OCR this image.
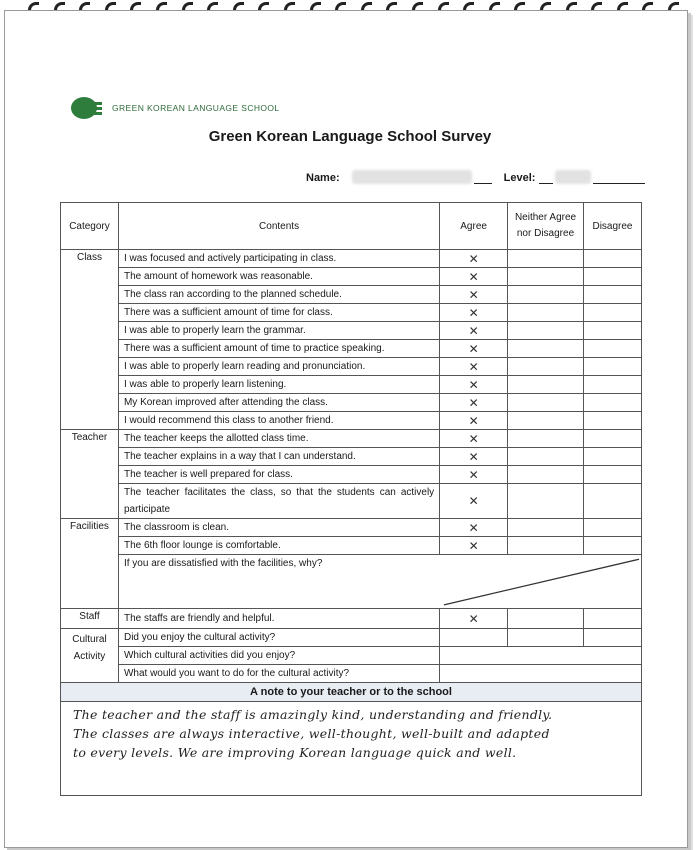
GREEN KOREAN LANGUAGE SCHOOL
Green Korean Language School Survey
Name:	Level:
Category	Contents	Agree	Neither Agree nor Disagree	Disagree
Class	I was focused and actively participating in class.	✕		
	The amount of homework was reasonable.	✕		
	The class ran according to the planned schedule.	✕		
	There was a sufficient amount of time for class.	✕		
	I was able to properly learn the grammar.	✕		
	There was a sufficient amount of time to practice speaking.	✕		
	I was able to properly learn reading and pronunciation.	✕		
	I was able to properly learn listening.	✕		
	My Korean improved after attending the class.	✕		
	I would recommend this class to another friend.	✕		
Teacher	The teacher keeps the allotted class time.	✕		
	The teacher explains in a way that I can understand.	✕		
	The teacher is well prepared for class.	✕		
	The teacher facilitates the class, so that the students can actively participate	✕		
Facilities	The classroom is clean.	✕		
	The 6th floor lounge is comfortable.	✕		
	If you are dissatisfied with the facilities, why?			

Staff	The staffs are friendly and helpful.	✕		
Cultural Activity	Did you enjoy the cultural activity?			
	Which cultural activities did you enjoy?			
	What would you want to do for the cultural activity?			
A note to your teacher or to the school				

The teacher and the staff is amazingly kind, understanding and friendly.
The classes are always interactive, well-thought, well-built and adapted
to every levels. We are improving Korean language quick and well.				
